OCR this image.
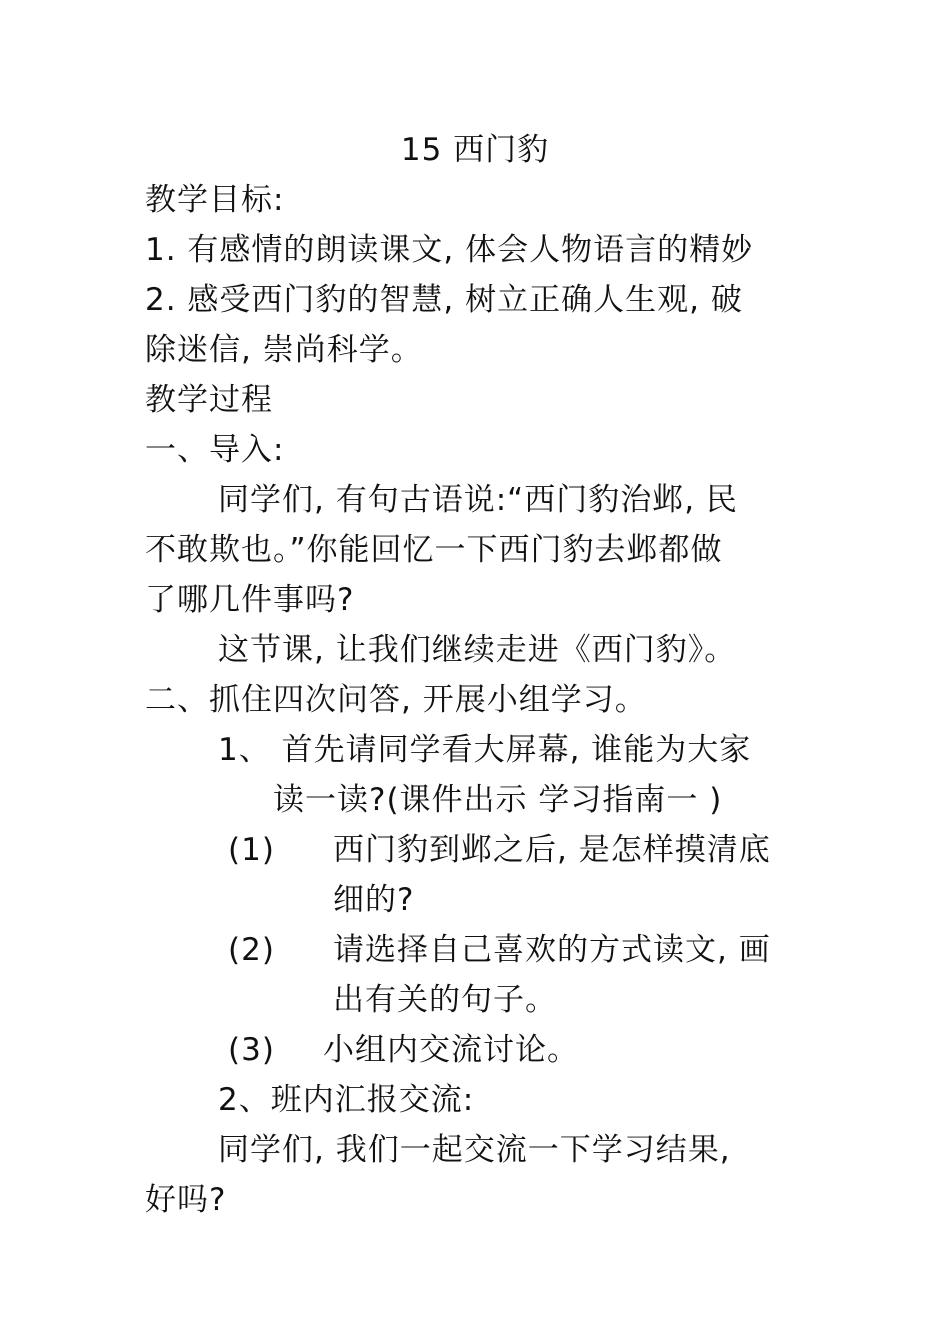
15 西门豹
教学目标:
1. 有感情的朗读课文, 体会人物语言的精妙
2. 感受西门豹的智慧, 树立正确人生观, 破
除迷信, 崇尚科学。
教学过程
一、导入:
同学们, 有句古语说:“西门豹治邺, 民
不敢欺也。”你能回忆一下西门豹去邺都做
了哪几件事吗?
这节课, 让我们继续走进《西门豹》。
二、抓住四次问答, 开展小组学习。
1、 首先请同学看大屏幕, 谁能为大家
读一读?(课件出示 学习指南一 )
(1) 西门豹到邺之后, 是怎样摸清底
细的?
(2) 请选择自己喜欢的方式读文, 画
出有关的句子。
(3) 小组内交流讨论。
2、班内汇报交流:
同学们, 我们一起交流一下学习结果,
好吗?
